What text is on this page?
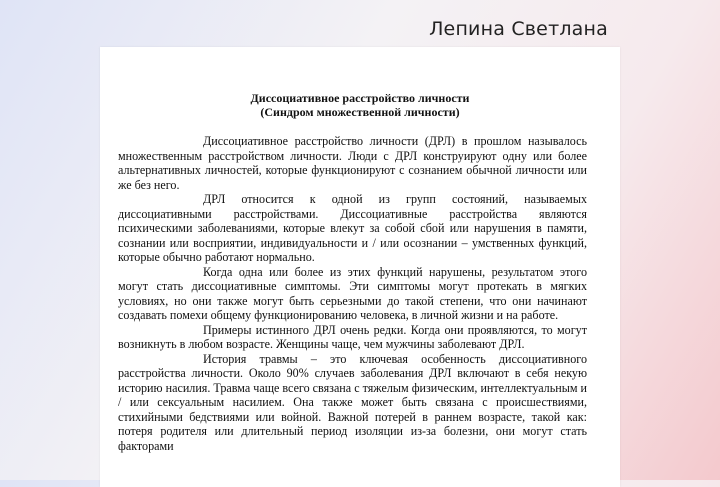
Лепина Светлана
Диссоциативное расстройство личности
(Синдром множественной личности)

Диссоциативное расстройство личности (ДРЛ) в прошлом называлось множественным расстройством личности. Люди с ДРЛ конструируют одну или более альтернативных личностей, которые функционируют с сознанием обычной личности или же без него.

ДРЛ относится к одной из групп состояний, называемых диссоциативными расстройствами. Диссоциативные расстройства являются психическими заболеваниями, которые влекут за собой сбой или нарушения в памяти, сознании или восприятии, индивидуальности и / или осознании – умственных функций, которые обычно работают нормально.

Когда одна или более из этих функций нарушены, результатом этого могут стать диссоциативные симптомы. Эти симптомы могут протекать в мягких условиях, но они также могут быть серьезными до такой степени, что они начинают создавать помехи общему функционированию человека, в личной жизни и на работе.

Примеры истинного ДРЛ очень редки. Когда они проявляются, то могут возникнуть в любом возрасте. Женщины чаще, чем мужчины заболевают ДРЛ.

История травмы – это ключевая особенность диссоциативного расстройства личности. Около 90% случаев заболевания ДРЛ включают в себя некую историю насилия. Травма чаще всего связана с тяжелым физическим, интеллектуальным и / или сексуальным насилием. Она также может быть связана с происшествиями, стихийными бедствиями или войной. Важной потерей в раннем возрасте, такой как: потеря родителя или длительный период изоляции из-за болезни, они могут стать факторами
